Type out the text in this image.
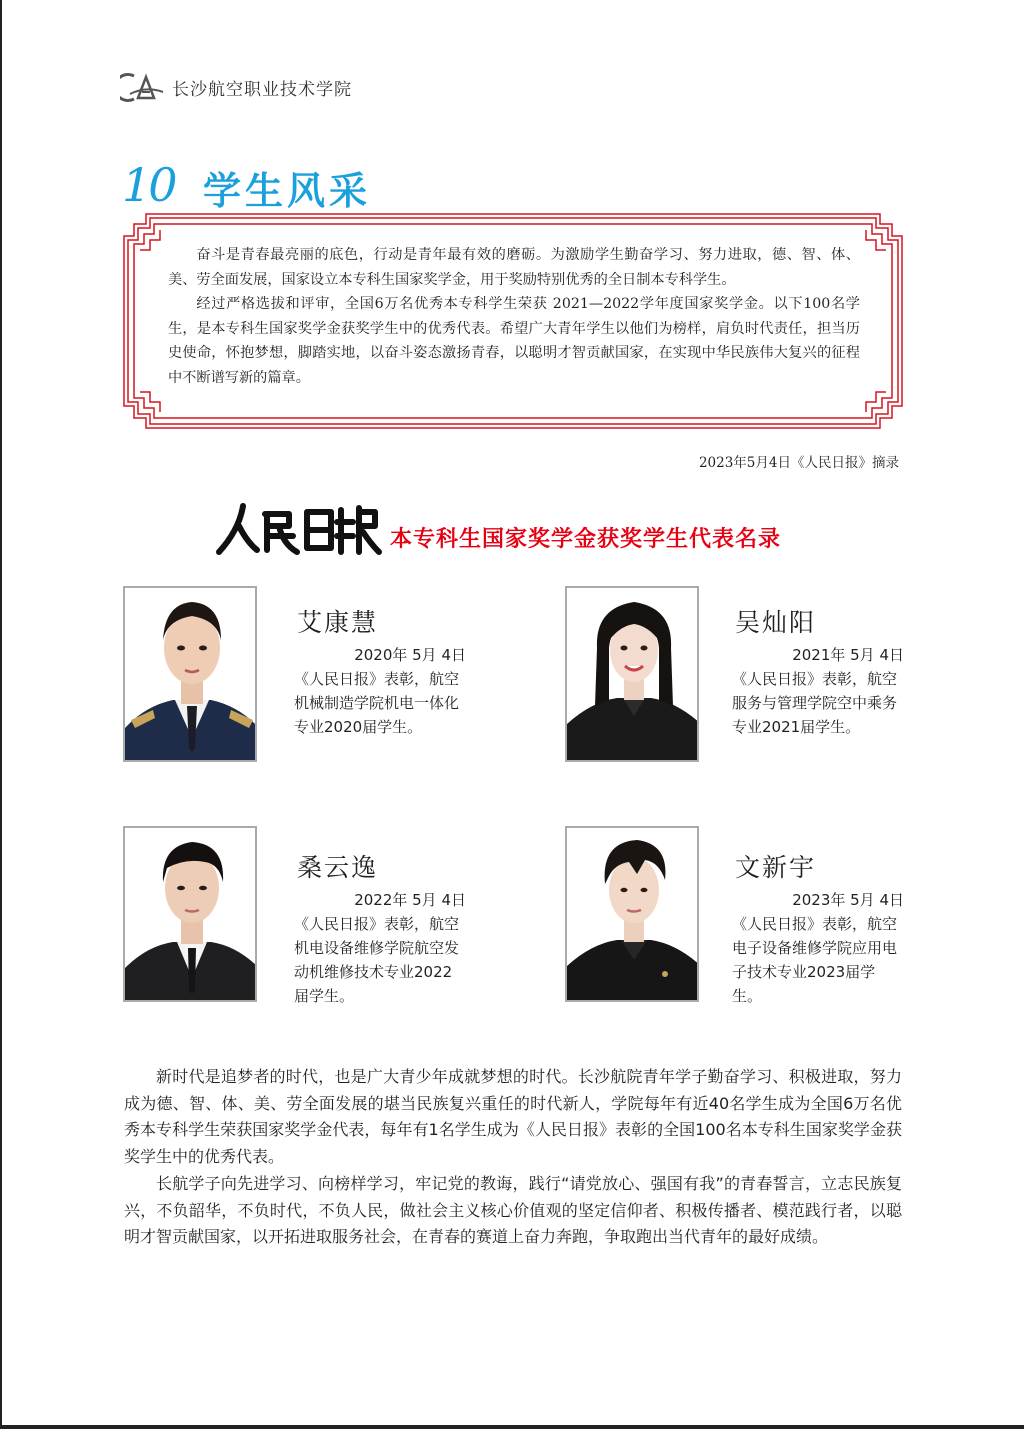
长沙航空职业技术学院
10 学生风采

奋斗是青春最亮丽的底色，行动是青年最有效的磨砺。为激励学生勤奋学习、努力进取，德、智、体、美、劳全面发展，国家设立本专科生国家奖学金，用于奖励特别优秀的全日制本专科学生。

经过严格选拔和评审，全国6万名优秀本专科学生荣获 2021—2022学年度国家奖学金。以下100名学生，是本专科生国家奖学金获奖学生中的优秀代表。希望广大青年学生以他们为榜样，肩负时代责任，担当历史使命，怀抱梦想，脚踏实地，以奋斗姿态激扬青春，以聪明才智贡献国家，在实现中华民族伟大复兴的征程中不断谱写新的篇章。

2023年5月4日《人民日报》摘录
本专科生国家奖学金获奖学生代表名录
艾康慧
2020年 5月 4日
《人民日报》表彰，航空机械制造学院机电一体化专业2020届学生。
吴灿阳
2021年 5月 4日
《人民日报》表彰，航空服务与管理学院空中乘务专业2021届学生。
桑云逸
2022年 5月 4日
《人民日报》表彰，航空机电设备维修学院航空发动机维修技术专业2022届学生。
文新宇
2023年 5月 4日
《人民日报》表彰，航空电子设备维修学院应用电子技术专业2023届学生。

新时代是追梦者的时代，也是广大青少年成就梦想的时代。长沙航院青年学子勤奋学习、积极进取，努力成为德、智、体、美、劳全面发展的堪当民族复兴重任的时代新人，学院每年有近40名学生成为全国6万名优秀本专科学生荣获国家奖学金代表，每年有1名学生成为《人民日报》表彰的全国100名本专科生国家奖学金获奖学生中的优秀代表。

长航学子向先进学习、向榜样学习，牢记党的教诲，践行“请党放心、强国有我”的青春誓言，立志民族复兴，不负韶华，不负时代，不负人民，做社会主义核心价值观的坚定信仰者、积极传播者、模范践行者，以聪明才智贡献国家，以开拓进取服务社会，在青春的赛道上奋力奔跑，争取跑出当代青年的最好成绩。
